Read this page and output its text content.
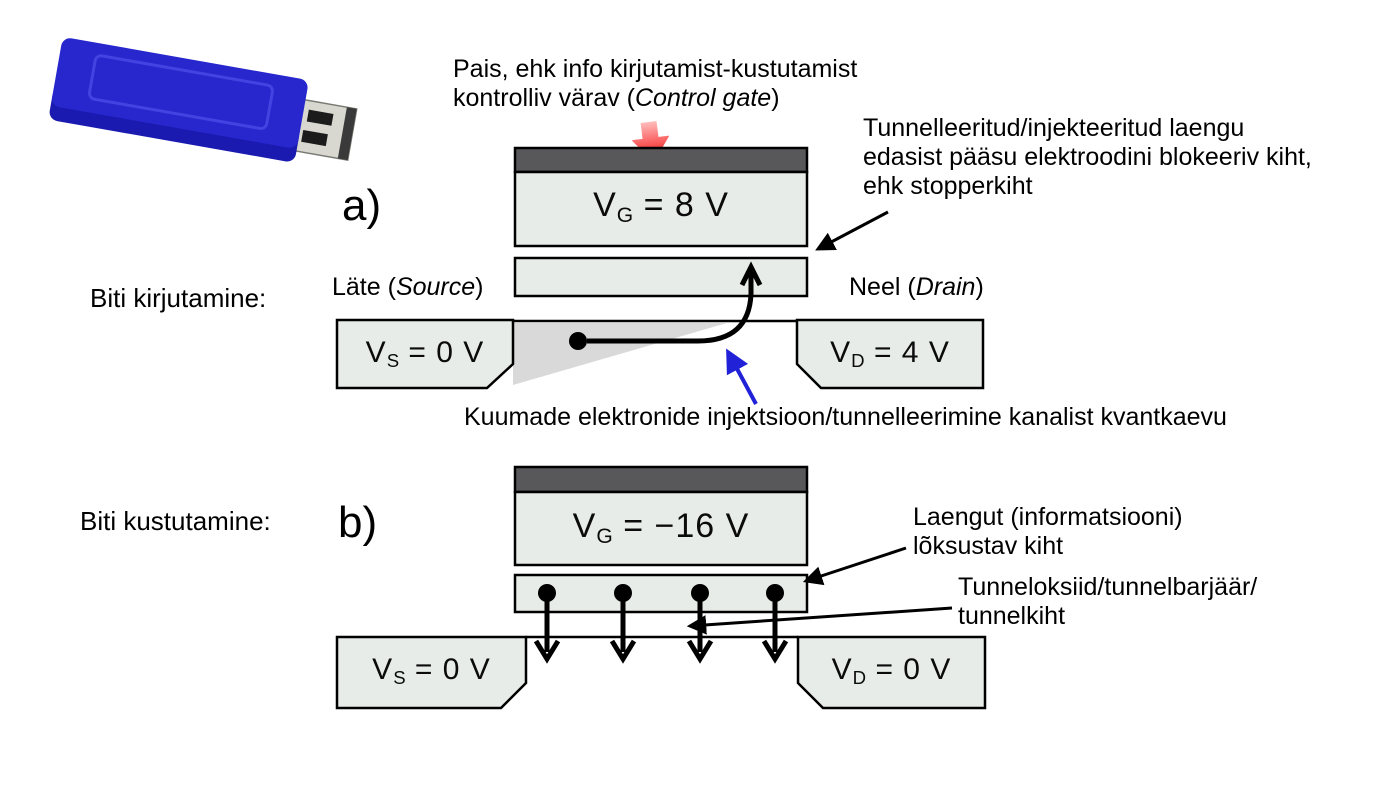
Pais, ehk info kirjutamist-kustutamist
kontrolliv värav (Control gate)
Tunnelleeritud/injekteeritud laengu
edasist pääsu elektroodini blokeeriv kiht,
ehk stopperkiht
a)
Biti kirjutamine:	Läte (Source)	Neel (Drain)
$V_G = 8$ V
$V_S = 0$ V	$V_D = 4$ V
Kuumade elektronide injektsioon/tunnelleerimine kanalist kvantkaevu
Biti kustutamine: b)	$V_G = -16$ V
$V_S = 0$ V	$V_D = 0$ V
Laengut (informatsiooni)
lõksustav kiht
Tunneloksiid/tunnelbarjäär/
tunnelkiht
